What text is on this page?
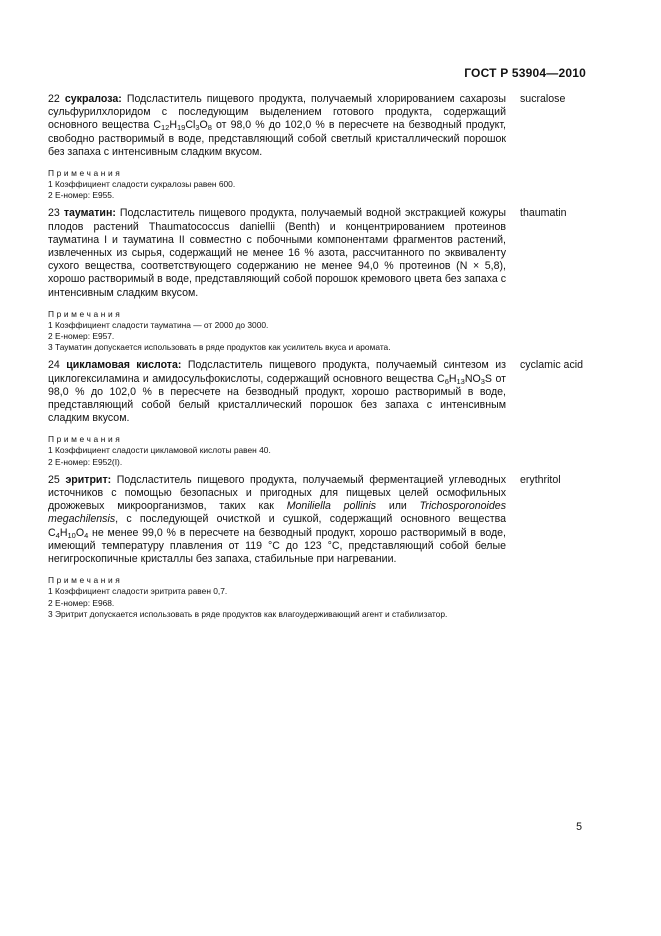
ГОСТ Р 53904—2010
22 сукралоза: Подсластитель пищевого продукта, получаемый хлорированием сахарозы сульфурилхлоридом с последующим выделением готового продукта, содержащий основного вещества $C_{12}H_{19}Cl_3O_8$ от 98,0 % до 102,0 % в пересчете на безводный продукт, свободно растворимый в воде, представляющий собой светлый кристаллический порошок без запаха с интенсивным сладким вкусом.
sucralose
Примечания
1 Коэффициент сладости сукралозы равен 600.
2 Е-номер: Е955.
23 тауматин: Подсластитель пищевого продукта, получаемый водной экстракцией кожуры плодов растений Thaumatococcus daniellii (Benth) и концентрированием протеинов тауматина I и тауматина II совместно с побочными компонентами фрагментов растений, извлеченных из сырья, содержащий не менее 16 % азота, рассчитанного по эквиваленту сухого вещества, соответствующего содержанию не менее 94,0 % протеинов (N × 5,8), хорошо растворимый в воде, представляющий собой порошок кремового цвета без запаха с интенсивным сладким вкусом.
thaumatin
Примечания
1 Коэффициент сладости тауматина — от 2000 до 3000.
2 Е-номер: Е957.
3 Тауматин допускается использовать в ряде продуктов как усилитель вкуса и аромата.
24 цикламовая кислота: Подсластитель пищевого продукта, получаемый синтезом из циклогексиламина и амидосульфокислоты, содержащий основного вещества $C_6H_{13}NO_3S$ от 98,0 % до 102,0 % в пересчете на безводный продукт, хорошо растворимый в воде, представляющий собой белый кристаллический порошок без запаха с интенсивным сладким вкусом.
cyclamic acid
Примечания
1 Коэффициент сладости цикламовой кислоты равен 40.
2 Е-номер: Е952(I).
25 эритрит: Подсластитель пищевого продукта, получаемый ферментацией углеводных источников с помощью безопасных и пригодных для пищевых целей осмофильных дрожжевых микроорганизмов, таких как Moniliella pollinis или Trichosporonoides megachilensis, с последующей очисткой и сушкой, содержащий основного вещества $C_4H_{10}O_4$ не менее 99,0 % в пересчете на безводный продукт, хорошо растворимый в воде, имеющий температуру плавления от 119 °C до 123 °C, представляющий собой белые негигроскопичные кристаллы без запаха, стабильные при нагревании.
erythritol
Примечания
1 Коэффициент сладости эритрита равен 0,7.
2 Е-номер: Е968.
3 Эритрит допускается использовать в ряде продуктов как влагоудерживающий агент и стабилизатор.
5
